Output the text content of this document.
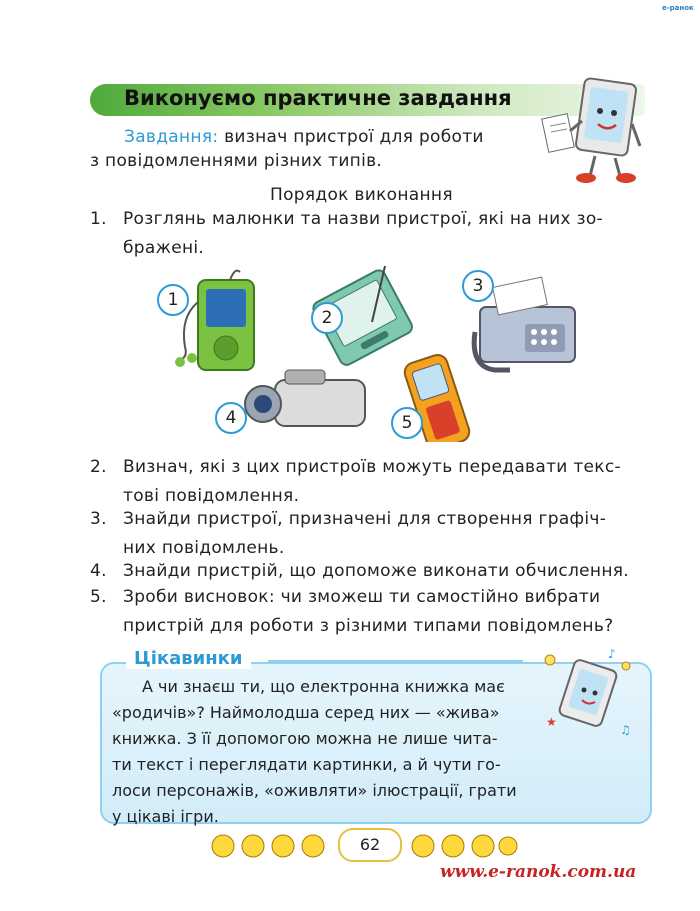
е-ранок
Виконуємо практичне завдання
Завдання: визнач пристрої для роботи
з повідомленнями різних типів.
Порядок виконання
1. Розглянь малюнки та назви пристрої, які на них зо-
бражені.
1
2
3
4	5
2. Визнач, які з цих пристроїв можуть передавати текс-
тові повідомлення.
3. Знайди пристрої, призначені для створення графіч-
них повідомлень.
4. Знайди пристрій, що допоможе виконати обчислення.
5. Зроби висновок: чи зможеш ти самостійно вибрати
пристрій для роботи з різними типами повідомлень?
Цікавинки
А чи знаєш ти, що електронна книжка має
«родичів»? Наймолодша серед них — «жива»
книжка. З її допомогою можна не лише чита-
ти текст і переглядати картинки, а й чути го-
лоси персонажів, «оживляти» ілюстрації, грати
у цікаві ігри.
♪
★
♫
62
www.e-ranok.com.ua
